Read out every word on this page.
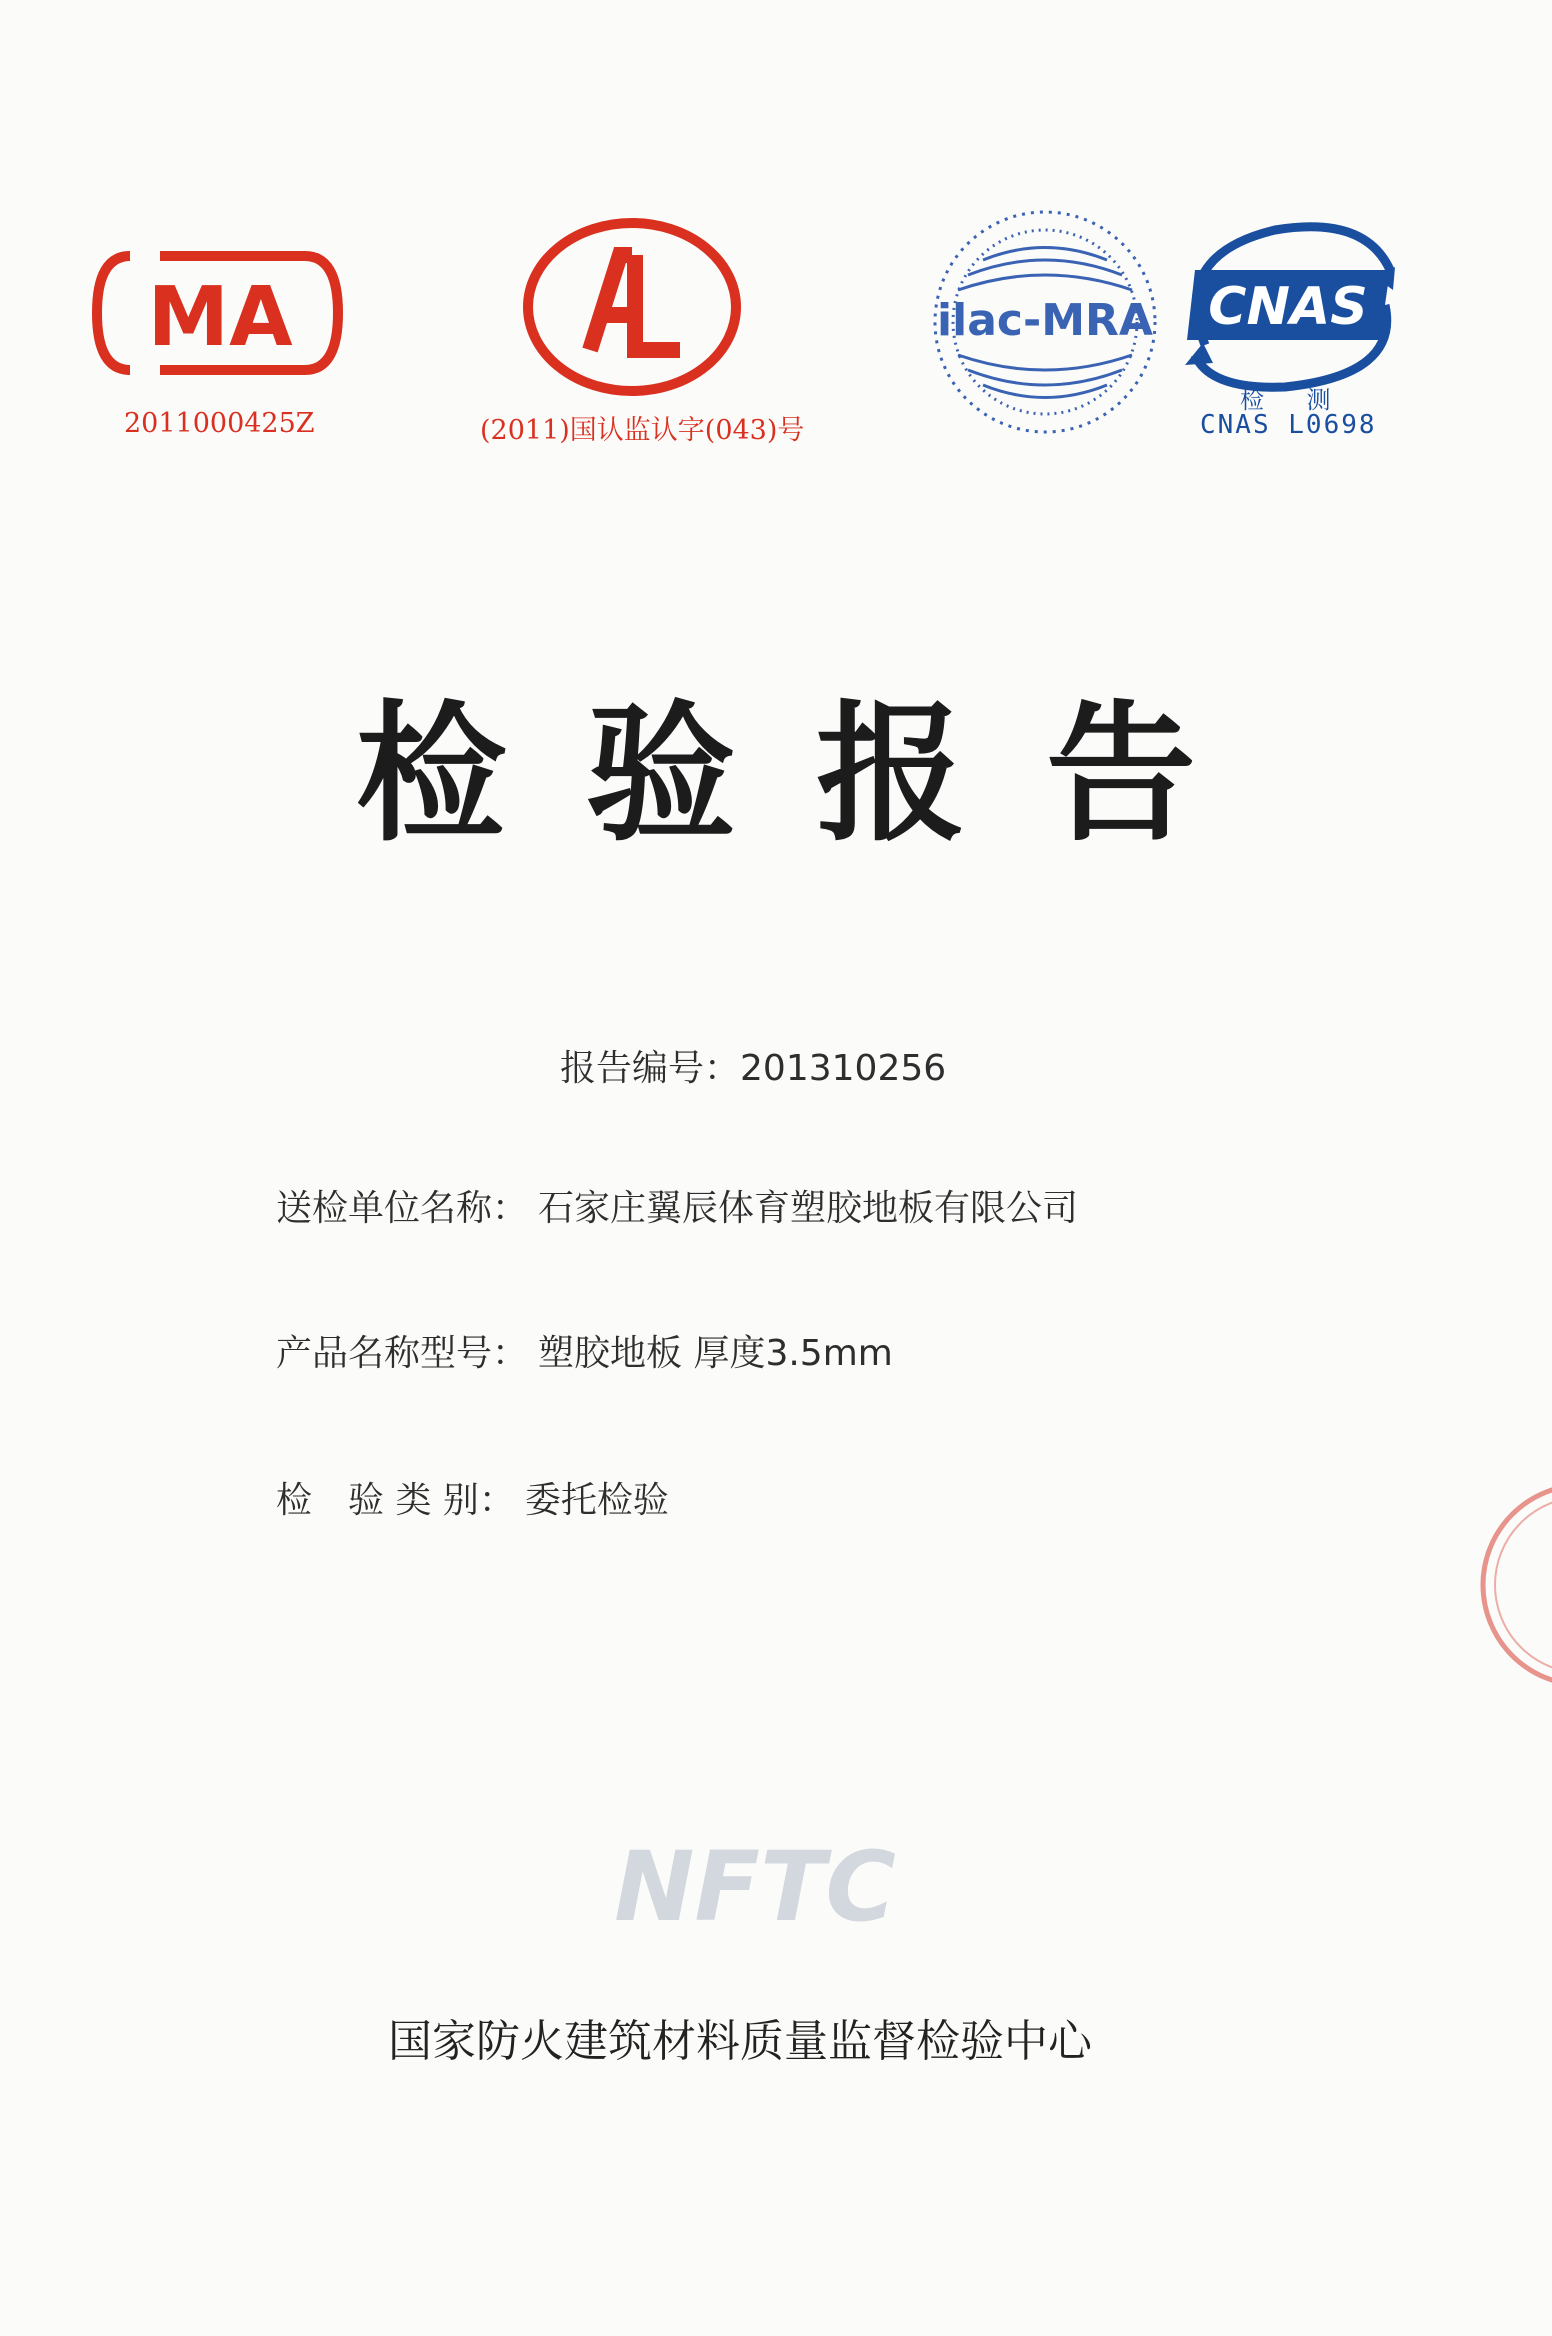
MA
2011000425Z	(2011)国认监认字(043)号
ilac-MRA CNAS
检 测
CNAS L0698
检验报告
报告编号：201310256
送检单位名称： 石家庄翼辰体育塑胶地板有限公司
产品名称型号： 塑胶地板 厚度3.5mm
检　验 类 别： 委托检验
NFTC
国家防火建筑材料质量监督检验中心
